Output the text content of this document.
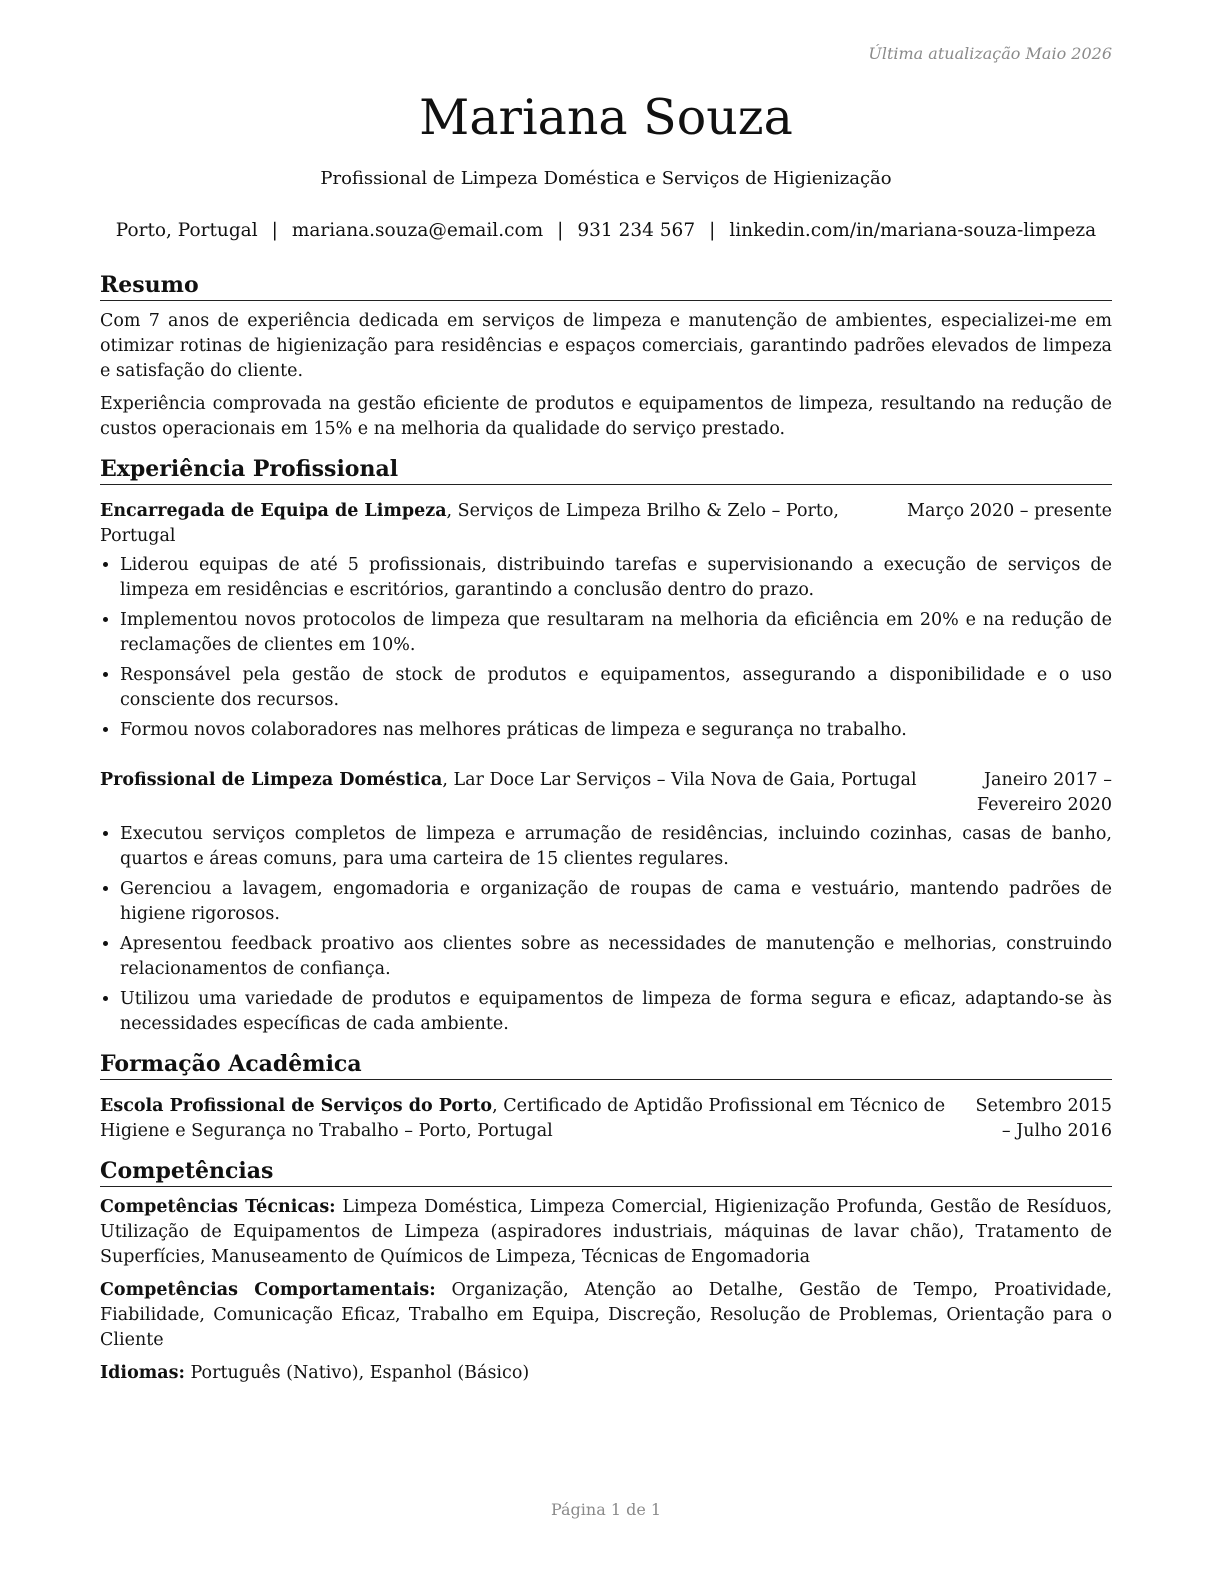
Última atualização Maio 2026
Mariana Souza
Profissional de Limpeza Doméstica e Serviços de Higienização
Porto, Portugal | mariana.souza@email.com | 931 234 567 | linkedin.com/in/mariana-souza-limpeza
Resumo

Com 7 anos de experiência dedicada em serviços de limpeza e manutenção de ambientes, especializei-me em otimizar rotinas de higienização para residências e espaços comerciais, garantindo padrões elevados de limpeza e satisfação do cliente.

Experiência comprovada na gestão eficiente de produtos e equipamentos de limpeza, resultando na redução de custos operacionais em 15% e na melhoria da qualidade do serviço prestado.

Experiência Profissional
Encarregada de Equipa de Limpeza, Serviços de Limpeza Brilho & Zelo – Porto, Portugal
Março 2020 – presente
• Liderou equipas de até 5 profissionais, distribuindo tarefas e supervisionando a execução de serviços de limpeza em residências e escritórios, garantindo a conclusão dentro do prazo.
• Implementou novos protocolos de limpeza que resultaram na melhoria da eficiência em 20% e na redução de reclamações de clientes em 10%.
• Responsável pela gestão de stock de produtos e equipamentos, assegurando a disponibilidade e o uso consciente dos recursos.
• Formou novos colaboradores nas melhores práticas de limpeza e segurança no trabalho.
Profissional de Limpeza Doméstica, Lar Doce Lar Serviços – Vila Nova de Gaia, Portugal	Janeiro 2017 – Fevereiro 2020
• Executou serviços completos de limpeza e arrumação de residências, incluindo cozinhas, casas de banho, quartos e áreas comuns, para uma carteira de 15 clientes regulares.
• Gerenciou a lavagem, engomadoria e organização de roupas de cama e vestuário, mantendo padrões de higiene rigorosos.
• Apresentou feedback proativo aos clientes sobre as necessidades de manutenção e melhorias, construindo relacionamentos de confiança.
• Utilizou uma variedade de produtos e equipamentos de limpeza de forma segura e eficaz, adaptando-se às necessidades específicas de cada ambiente.
Formação Acadêmica
Escola Profissional de Serviços do Porto, Certificado de Aptidão Profissional em Técnico de Higiene e Segurança no Trabalho – Porto, Portugal
Setembro 2015 – Julho 2016
Competências
Competências Técnicas: Limpeza Doméstica, Limpeza Comercial, Higienização Profunda, Gestão de Resíduos, Utilização de Equipamentos de Limpeza (aspiradores industriais, máquinas de lavar chão), Tratamento de Superfícies, Manuseamento de Químicos de Limpeza, Técnicas de Engomadoria
Competências Comportamentais: Organização, Atenção ao Detalhe, Gestão de Tempo, Proatividade, Fiabilidade, Comunicação Eficaz, Trabalho em Equipa, Discreção, Resolução de Problemas, Orientação para o Cliente
Idiomas: Português (Nativo), Espanhol (Básico)
Página 1 de 1
